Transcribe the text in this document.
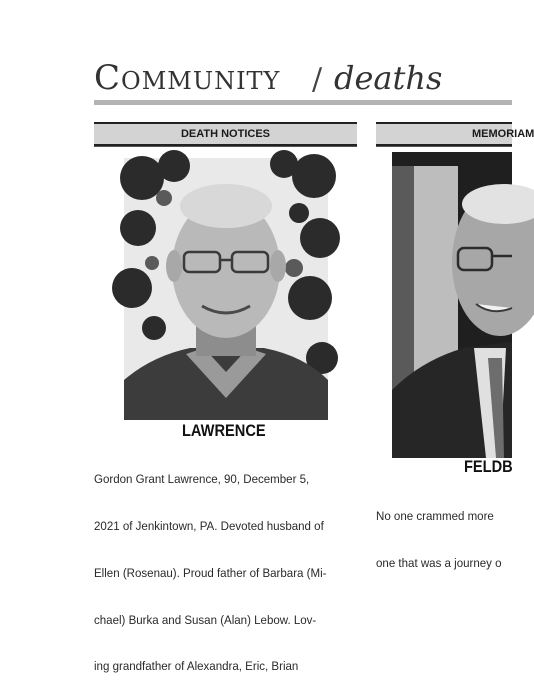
Community / deaths
DEATH NOTICES	MEMORIAM
LAWRENCE

Gordon Grant Lawrence, 90, December 5,

2021 of Jenkintown, PA. Devoted husband of

Ellen (Rosenau). Proud father of Barbara (Mi-

chael) Burka and Susan (Alan) Lebow. Lov-

ing grandfather of Alexandra, Eric, Brian

FELDB

No one crammed more

one that was a journey o
